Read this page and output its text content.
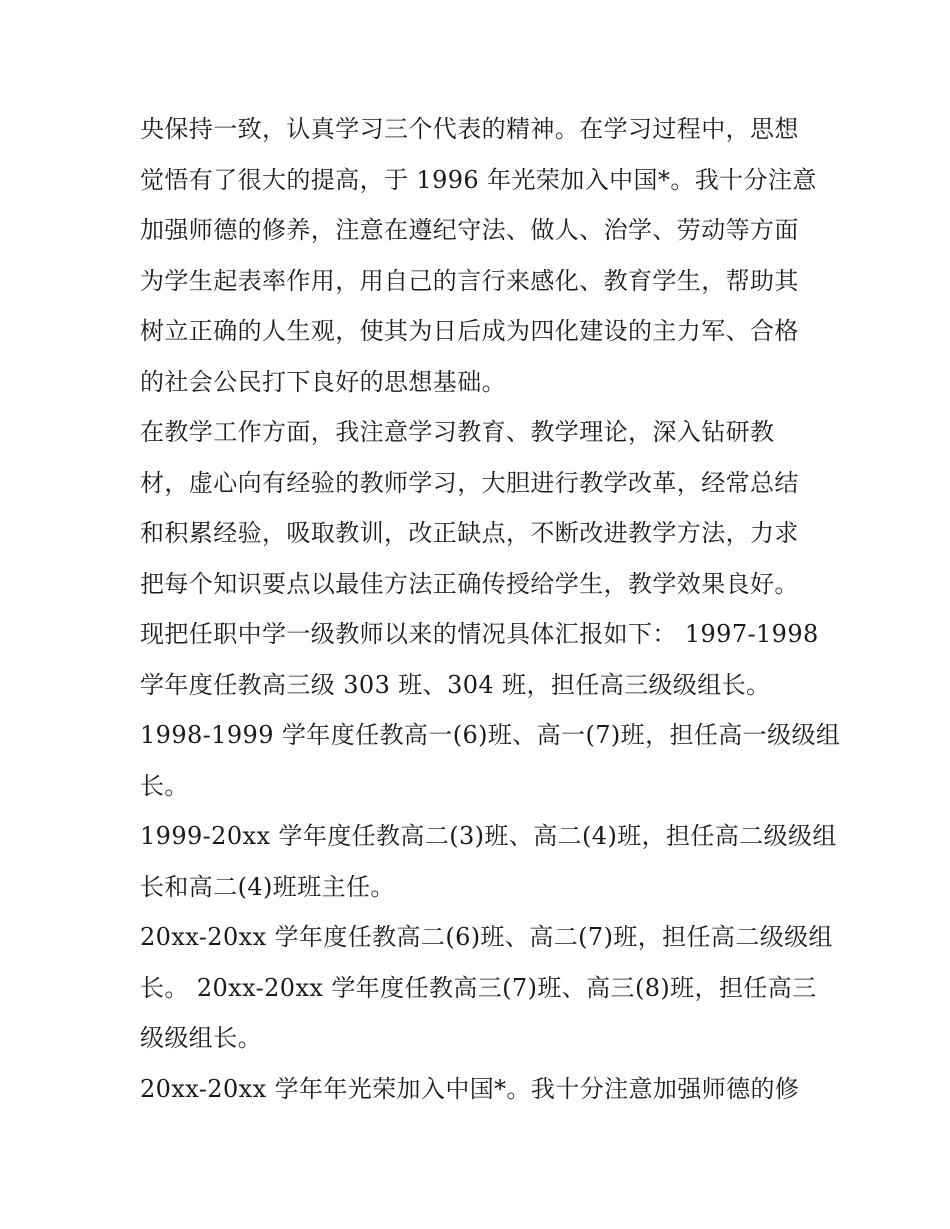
央保持一致，认真学习三个代表的精神。在学习过程中，思想
觉悟有了很大的提高，于 1996 年光荣加入中国*。我十分注意
加强师德的修养，注意在遵纪守法、做人、治学、劳动等方面
为学生起表率作用，用自己的言行来感化、教育学生，帮助其
树立正确的人生观，使其为日后成为四化建设的主力军、合格
的社会公民打下良好的思想基础。
在教学工作方面，我注意学习教育、教学理论，深入钻研教
材，虚心向有经验的教师学习，大胆进行教学改革，经常总结
和积累经验，吸取教训，改正缺点，不断改进教学方法，力求
把每个知识要点以最佳方法正确传授给学生，教学效果良好。
现把任职中学一级教师以来的情况具体汇报如下： 1997-1998
学年度任教高三级 303 班、304 班，担任高三级级组长。
1998-1999 学年度任教高一(6)班、高一(7)班，担任高一级级组
长。
1999-20xx 学年度任教高二(3)班、高二(4)班，担任高二级级组
长和高二(4)班班主任。
20xx-20xx 学年度任教高二(6)班、高二(7)班，担任高二级级组
长。 20xx-20xx 学年度任教高三(7)班、高三(8)班，担任高三
级级组长。
20xx-20xx 学年年光荣加入中国*。我十分注意加强师德的修
